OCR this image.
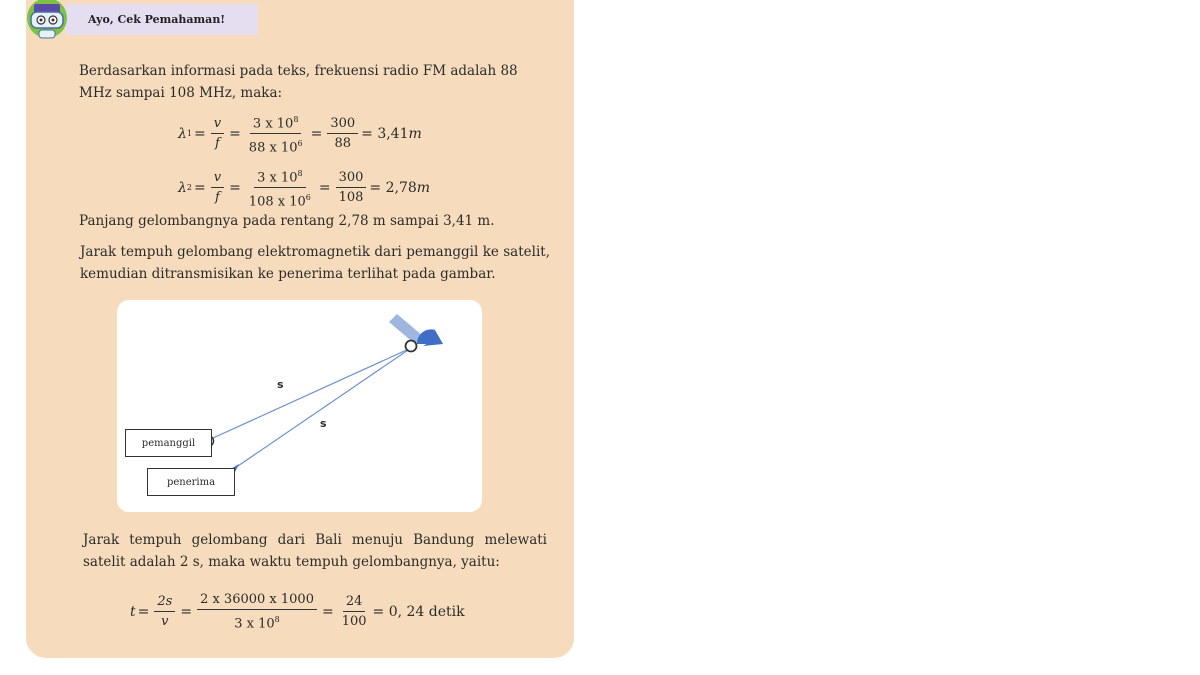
Ayo, Cek Pemahaman!

Berdasarkan informasi pada teks, frekuensi radio FM adalah 88 MHz sampai 108 MHz, maka:

λ $1 = \frac{v}{f} = \frac{3 x 10^8}{88 x 10^6} = \frac{300}{88} = 3,41$ m
λ $2 = \frac{v}{f} = \frac{3 x 10^8}{108 x 10^6} = \frac{300}{108} = 2,78$ m

Panjang gelombangnya pada rentang 2,78 m sampai 3,41 m.

Jarak tempuh gelombang elektromagnetik dari pemanggil ke satelit,

kemudian ditransmisikan ke penerima terlihat pada gambar.

s
s
pemanggil
penerima

Jarak tempuh gelombang dari Bali menuju Bandung melewati

satelit adalah 2 s, maka waktu tempuh gelombangnya, yaitu:

$t = \frac{2s}{v} = \frac{2 x 36000 x 1000}{3 x 10^8} = \frac{24}{100} = 0$, 24 detik
